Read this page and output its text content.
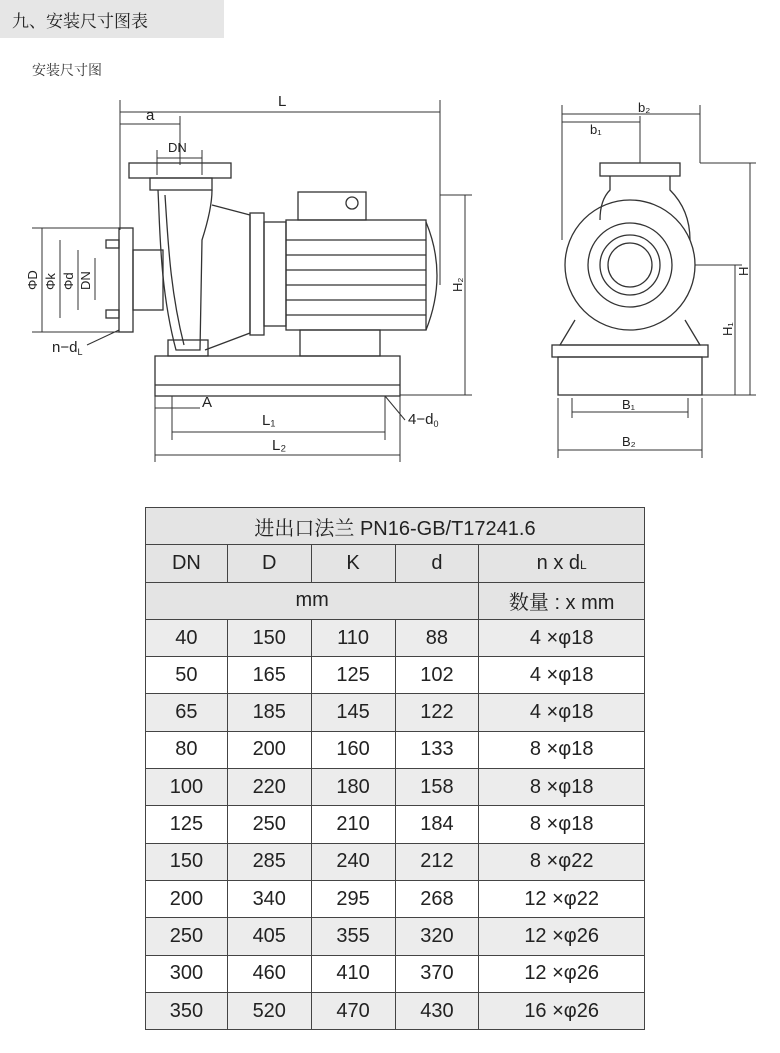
九、安装尺寸图表
安装尺寸图
L
a
DN
ΦD Φk Φd DN
$n-d_L$
A
L₁
L₂
$4-d_0$
H₂
H
H₁
b₁
b₂
B₁
B₂
进出口法兰 PN16-GB/T17241.6				
DN	D	K	d	n x dL
mm				数量 : x mm
40	150	110	88	4 ×φ18
50	165	125	102	4 ×φ18
65	185	145	122	4 ×φ18
80	200	160	133	8 ×φ18
100	220	180	158	8 ×φ18
125	250	210	184	8 ×φ18
150	285	240	212	8 ×φ22
200	340	295	268	12 ×φ22
250	405	355	320	12 ×φ26
300	460	410	370	12 ×φ26
350	520	470	430	16 ×φ26
